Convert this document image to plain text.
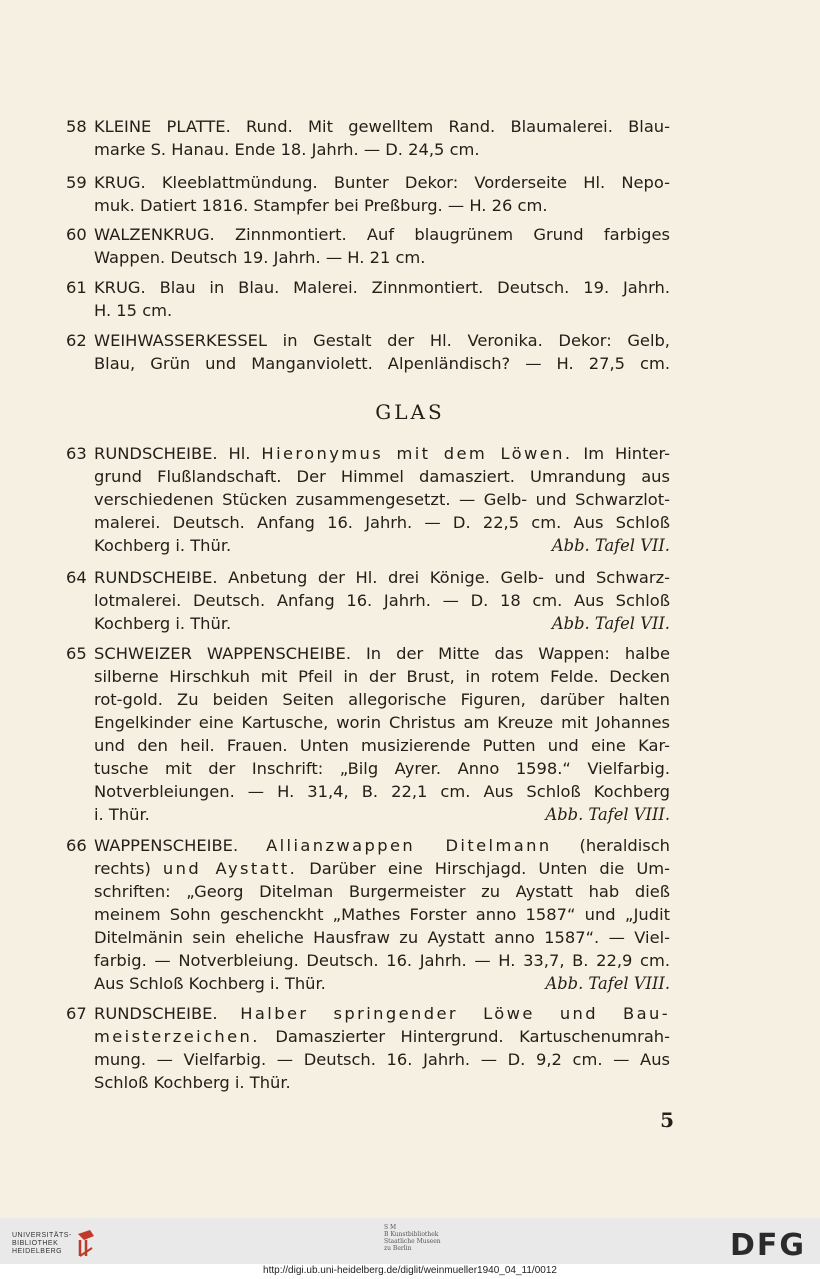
58 KLEINE PLATTE. Rund. Mit gewelltem Rand. Blaumalerei. Blau-
marke S. Hanau. Ende 18. Jahrh. — D. 24,5 cm.
59 KRUG. Kleeblattmündung. Bunter Dekor: Vorderseite Hl. Nepo-
muk. Datiert 1816. Stampfer bei Preßburg. — H. 26 cm.
60 WALZENKRUG. Zinnmontiert. Auf blaugrünem Grund farbiges
Wappen. Deutsch 19. Jahrh. — H. 21 cm.
61 KRUG. Blau in Blau. Malerei. Zinnmontiert. Deutsch. 19. Jahrh.
H. 15 cm.
62 WEIHWASSERKESSEL in Gestalt der Hl. Veronika. Dekor: Gelb,
Blau, Grün und Manganviolett. Alpenländisch? — H. 27,5 cm.
GLAS
63 RUNDSCHEIBE. Hl. Hieronymus mit dem Löwen. Im Hinter-
grund Flußlandschaft. Der Himmel damasziert. Umrandung aus
verschiedenen Stücken zusammengesetzt. — Gelb- und Schwarzlot-
malerei. Deutsch. Anfang 16. Jahrh. — D. 22,5 cm. Aus Schloß
Kochberg i. Thür.	Abb. Tafel VII.
64 RUNDSCHEIBE. Anbetung der Hl. drei Könige. Gelb- und Schwarz-
lotmalerei. Deutsch. Anfang 16. Jahrh. — D. 18 cm. Aus Schloß
Kochberg i. Thür.	Abb. Tafel VII.
65 SCHWEIZER WAPPENSCHEIBE. In der Mitte das Wappen: halbe
silberne Hirschkuh mit Pfeil in der Brust, in rotem Felde. Decken
rot-gold. Zu beiden Seiten allegorische Figuren, darüber halten
Engelkinder eine Kartusche, worin Christus am Kreuze mit Johannes
und den heil. Frauen. Unten musizierende Putten und eine Kar-
tusche mit der Inschrift: „Bilg Ayrer. Anno 1598.“ Vielfarbig.
Notverbleiungen. — H. 31,4, B. 22,1 cm. Aus Schloß Kochberg
i. Thür.	Abb. Tafel VIII.
66 WAPPENSCHEIBE. Allianzwappen Ditelmann (heraldisch
rechts) und Aystatt. Darüber eine Hirschjagd. Unten die Um-
schriften: „Georg Ditelman Burgermeister zu Aystatt hab dieß
meinem Sohn geschenckht „Mathes Forster anno 1587“ und „Judit
Ditelmänin sein eheliche Hausfraw zu Aystatt anno 1587“. — Viel-
farbig. — Notverbleiung. Deutsch. 16. Jahrh. — H. 33,7, B. 22,9 cm.
Aus Schloß Kochberg i. Thür.	Abb. Tafel VIII.
67 RUNDSCHEIBE. Halber springender Löwe und Bau-
meisterzeichen. Damaszierter Hintergrund. Kartuschenumrah-
mung. — Vielfarbig. — Deutsch. 16. Jahrh. — D. 9,2 cm. — Aus
Schloß Kochberg i. Thür.
5
UNIVERSITÄTS-
BIBLIOTHEK
HEIDELBERG
S M
B Kunstbibliothek
Staatliche Museen
zu Berlin	DFG
http://digi.ub.uni-heidelberg.de/diglit/weinmueller1940_04_11/0012
